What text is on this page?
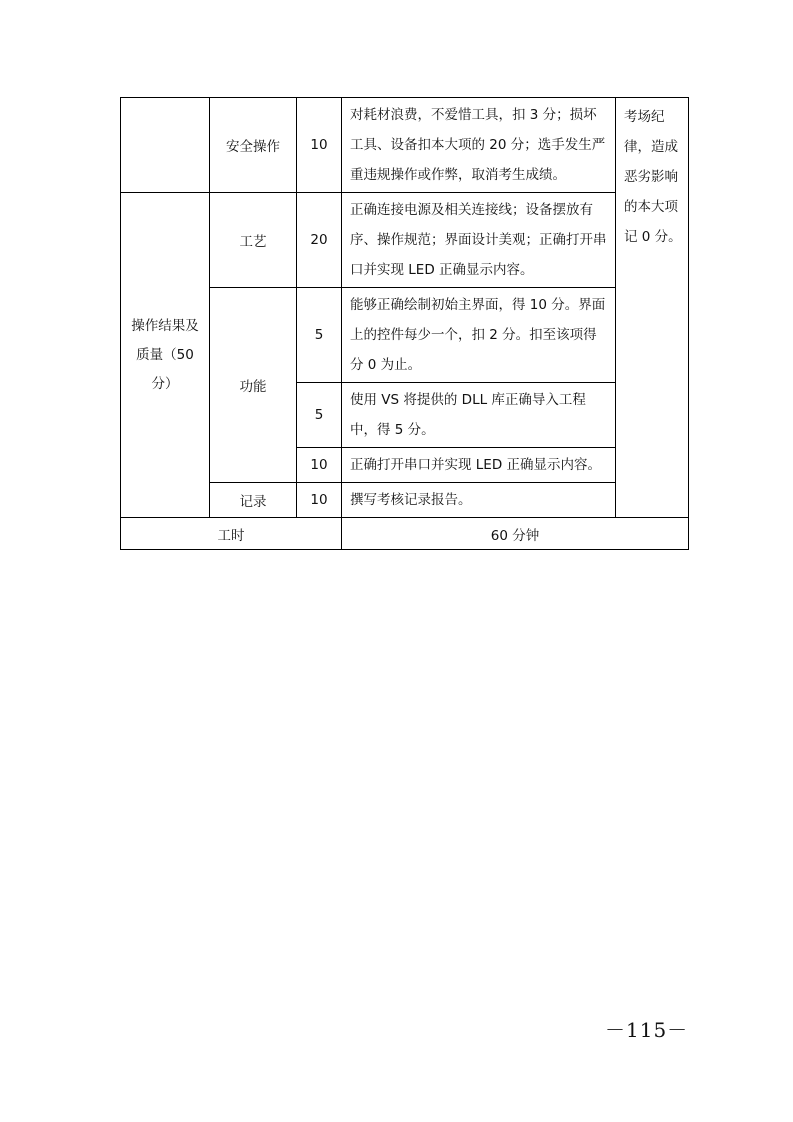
	安全操作	10	对耗材浪费，不爱惜工具，扣 3 分；损坏工具、设备扣本大项的 20 分；选手发生严重违规操作或作弊，取消考生成绩。	考场纪律，造成恶劣影响的本大项记 0 分。
操作结果及质量（50分）	工艺	20	正确连接电源及相关连接线；设备摆放有序、操作规范；界面设计美观；正确打开串口并实现 LED 正确显示内容。	
	功能	5	能够正确绘制初始主界面，得 10 分。界面上的控件每少一个，扣 2 分。扣至该项得分 0 为止。	
		5	使用 VS 将提供的 DLL 库正确导入工程中，得 5 分。	
		10	正确打开串口并实现 LED 正确显示内容。	
	记录	10	撰写考核记录报告。	
工时			60 分钟	
－115－
